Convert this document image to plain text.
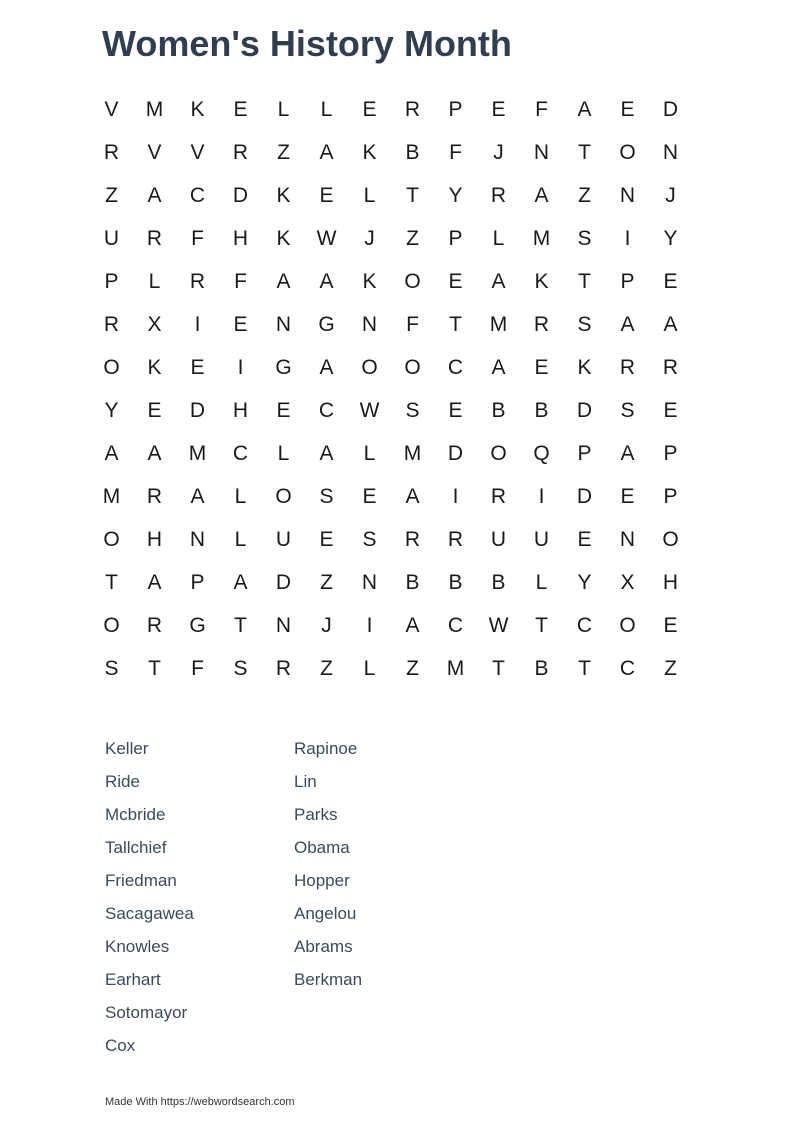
Women's History Month
V	M	K	E	L	L	E	R	P	E	F	A	E	D
R	V	V	R	Z	A	K	B	F	J	N	T	O	N
Z	A	C	D	K	E	L	T	Y	R	A	Z	N	J
U	R	F	H	K	W	J	Z	P	L	M	S	I	Y
P	L	R	F	A	A	K	O	E	A	K	T	P	E
R	X	I	E	N	G	N	F	T	M	R	S	A	A
O	K	E	I	G	A	O	O	C	A	E	K	R	R
Y	E	D	H	E	C	W	S	E	B	B	D	S	E
A	A	M	C	L	A	L	M	D	O	Q	P	A	P
M	R	A	L	O	S	E	A	I	R	I	D	E	P
O	H	N	L	U	E	S	R	R	U	U	E	N	O
T	A	P	A	D	Z	N	B	B	B	L	Y	X	H
O	R	G	T	N	J	I	A	C	W	T	C	O	E
S	T	F	S	R	Z	L	Z	M	T	B	T	C	Z
Keller
Ride
Mcbride
Tallchief
Friedman
Sacagawea
Knowles
Earhart
Sotomayor
Cox
Rapinoe
Lin
Parks
Obama
Hopper
Angelou
Abrams
Berkman
Made With https://webwordsearch.com
